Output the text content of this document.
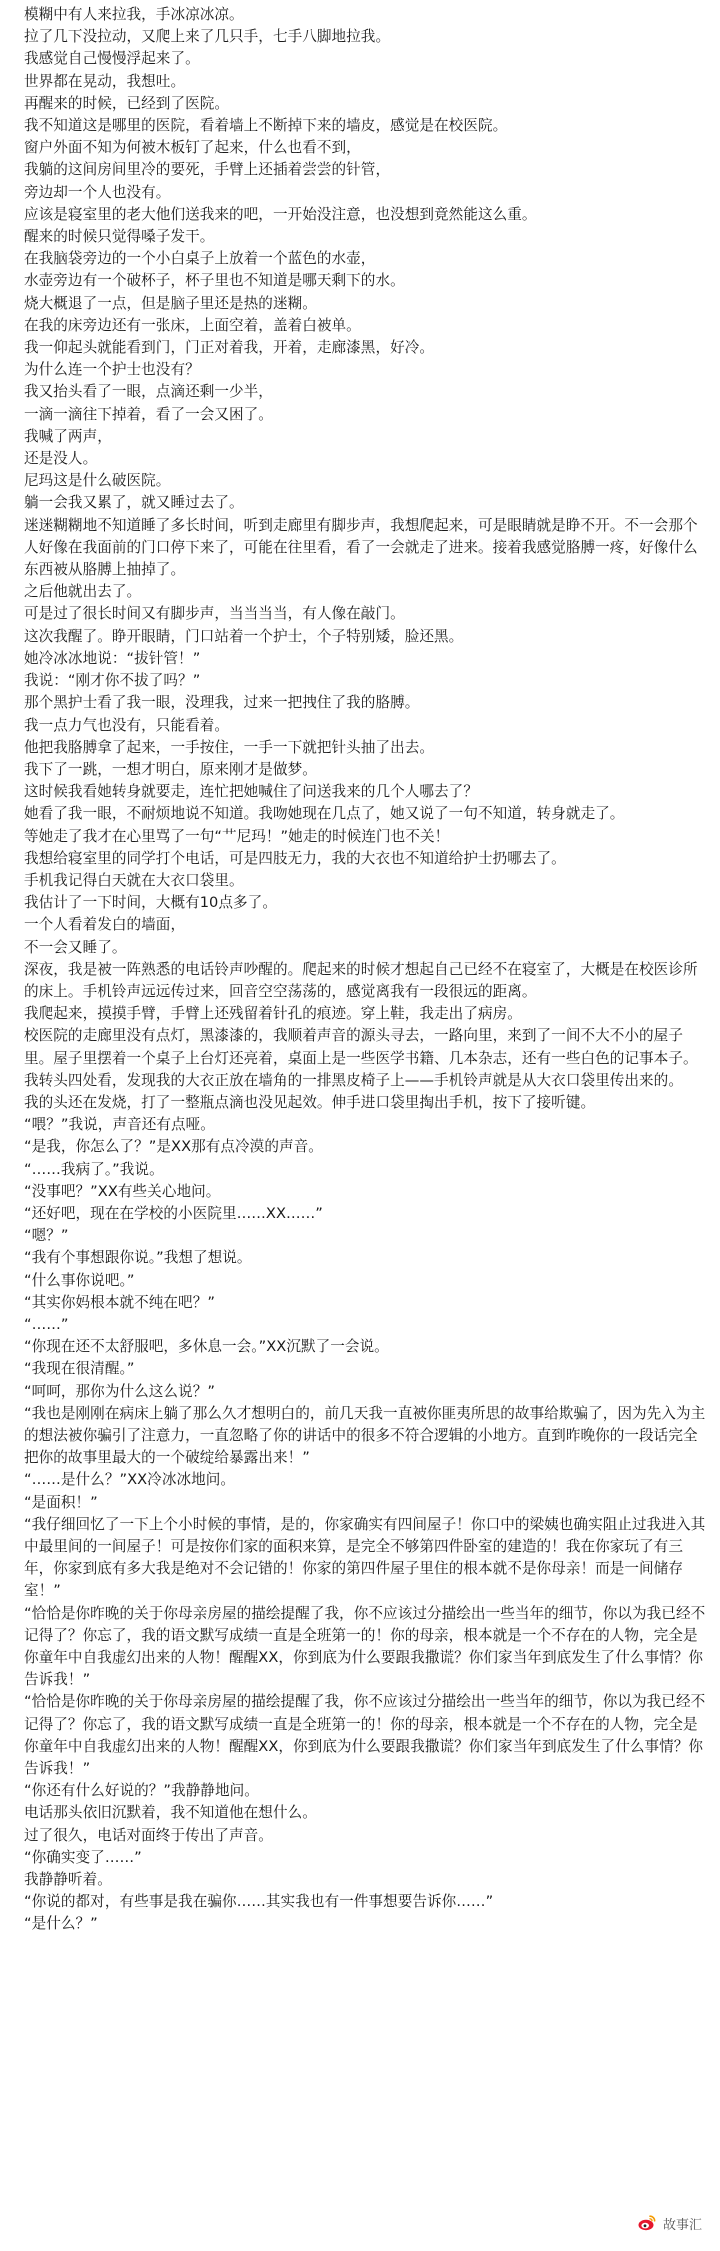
模糊中有人来拉我，手冰凉冰凉。

拉了几下没拉动，又爬上来了几只手，七手八脚地拉我。

我感觉自己慢慢浮起来了。

世界都在晃动，我想吐。

再醒来的时候，已经到了医院。

我不知道这是哪里的医院，看着墙上不断掉下来的墙皮，感觉是在校医院。

窗户外面不知为何被木板钉了起来，什么也看不到，

我躺的这间房间里冷的要死，手臂上还插着尝尝的针管，

旁边却一个人也没有。

应该是寝室里的老大他们送我来的吧，一开始没注意，也没想到竟然能这么重。

醒来的时候只觉得嗓子发干。

在我脑袋旁边的一个小白桌子上放着一个蓝色的水壶，

水壶旁边有一个破杯子，杯子里也不知道是哪天剩下的水。

烧大概退了一点，但是脑子里还是热的迷糊。

在我的床旁边还有一张床，上面空着，盖着白被单。

我一仰起头就能看到门，门正对着我，开着，走廊漆黑，好冷。

为什么连一个护士也没有？

我又抬头看了一眼，点滴还剩一少半，

一滴一滴往下掉着，看了一会又困了。

我喊了两声，

还是没人。

尼玛这是什么破医院。

躺一会我又累了，就又睡过去了。

迷迷糊糊地不知道睡了多长时间，听到走廊里有脚步声，我想爬起来，可是眼睛就是睁不开。不一会那个人好像在我面前的门口停下来了，可能在往里看，看了一会就走了进来。接着我感觉胳膊一疼，好像什么东西被从胳膊上抽掉了。

之后他就出去了。

可是过了很长时间又有脚步声，当当当当，有人像在敲门。

这次我醒了。睁开眼睛，门口站着一个护士，个子特别矮，脸还黑。

她冷冰冰地说：“拔针管！”

我说：“刚才你不拔了吗？”

那个黑护士看了我一眼，没理我，过来一把拽住了我的胳膊。

我一点力气也没有，只能看着。

他把我胳膊拿了起来，一手按住，一手一下就把针头抽了出去。

我下了一跳，一想才明白，原来刚才是做梦。

这时候我看她转身就要走，连忙把她喊住了问送我来的几个人哪去了？

她看了我一眼，不耐烦地说不知道。我吻她现在几点了，她又说了一句不知道，转身就走了。

等她走了我才在心里骂了一句“艹尼玛！”她走的时候连门也不关！

我想给寝室里的同学打个电话，可是四肢无力，我的大衣也不知道给护士扔哪去了。

手机我记得白天就在大衣口袋里。

我估计了一下时间，大概有10点多了。

一个人看着发白的墙面，

不一会又睡了。

深夜，我是被一阵熟悉的电话铃声吵醒的。爬起来的时候才想起自己已经不在寝室了，大概是在校医诊所的床上。手机铃声远远传过来，回音空空荡荡的，感觉离我有一段很远的距离。

我爬起来，摸摸手臂，手臂上还残留着针孔的痕迹。穿上鞋，我走出了病房。

校医院的走廊里没有点灯，黑漆漆的，我顺着声音的源头寻去，一路向里，来到了一间不大不小的屋子里。屋子里摆着一个桌子上台灯还亮着，桌面上是一些医学书籍、几本杂志，还有一些白色的记事本子。我转头四处看，发现我的大衣正放在墙角的一排黑皮椅子上——手机铃声就是从大衣口袋里传出来的。

我的头还在发烧，打了一整瓶点滴也没见起效。伸手进口袋里掏出手机，按下了接听键。

“喂？”我说，声音还有点哑。

“是我，你怎么了？”是XX那有点冷漠的声音。

“……我病了。”我说。

“没事吧？”XX有些关心地问。

“还好吧，现在在学校的小医院里……XX……”

“嗯？”

“我有个事想跟你说。”我想了想说。

“什么事你说吧。”

“其实你妈根本就不纯在吧？”

“……”

“你现在还不太舒服吧，多休息一会。”XX沉默了一会说。

“我现在很清醒。”

“呵呵，那你为什么这么说？”

“我也是刚刚在病床上躺了那么久才想明白的，前几天我一直被你匪夷所思的故事给欺骗了，因为先入为主的想法被你骗引了注意力，一直忽略了你的讲话中的很多不符合逻辑的小地方。直到昨晚你的一段话完全把你的故事里最大的一个破绽给暴露出来！”

“……是什么？”XX冷冰冰地问。

“是面积！”

“我仔细回忆了一下上个小时候的事情，是的，你家确实有四间屋子！你口中的梁姨也确实阻止过我进入其中最里间的一间屋子！可是按你们家的面积来算，是完全不够第四件卧室的建造的！我在你家玩了有三年，你家到底有多大我是绝对不会记错的！你家的第四件屋子里住的根本就不是你母亲！而是一间储存室！”

“恰恰是你昨晚的关于你母亲房屋的描绘提醒了我，你不应该过分描绘出一些当年的细节，你以为我已经不记得了？你忘了，我的语文默写成绩一直是全班第一的！你的母亲，根本就是一个不存在的人物，完全是你童年中自我虚幻出来的人物！醒醒XX，你到底为什么要跟我撒谎？你们家当年到底发生了什么事情？你告诉我！”

“恰恰是你昨晚的关于你母亲房屋的描绘提醒了我，你不应该过分描绘出一些当年的细节，你以为我已经不记得了？你忘了，我的语文默写成绩一直是全班第一的！你的母亲，根本就是一个不存在的人物，完全是你童年中自我虚幻出来的人物！醒醒XX，你到底为什么要跟我撒谎？你们家当年到底发生了什么事情？你告诉我！”

“你还有什么好说的？”我静静地问。

电话那头依旧沉默着，我不知道他在想什么。

过了很久，电话对面终于传出了声音。

“你确实变了……”

我静静听着。

“你说的都对，有些事是我在骗你……其实我也有一件事想要告诉你……”

“是什么？”

故事汇
